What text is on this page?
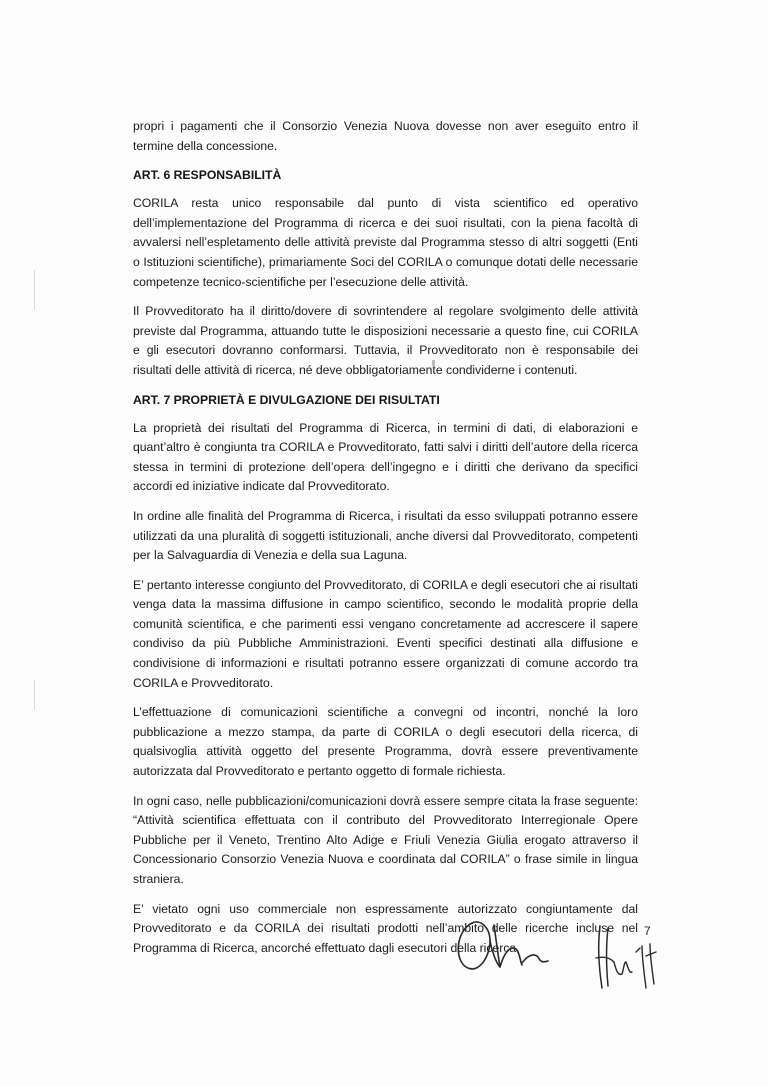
propri i pagamenti che il Consorzio Venezia Nuova dovesse non aver eseguito entro il termine della concessione.

ART. 6 RESPONSABILITÀ

CORILA resta unico responsabile dal punto di vista scientifico ed operativo dell’implementazione del Programma di ricerca e dei suoi risultati, con la piena facoltà di avvalersi nell’espletamento delle attività previste dal Programma stesso di altri soggetti (Enti o Istituzioni scientifiche), primariamente Soci del CORILA o comunque dotati delle necessarie competenze tecnico-scientifiche per l’esecuzione delle attività.

Il Provveditorato ha il diritto/dovere di sovrintendere al regolare svolgimento delle attività previste dal Programma, attuando tutte le disposizioni necessarie a questo fine, cui CORILA e gli esecutori dovranno conformarsi. Tuttavia, il Provveditorato non è responsabile dei risultati delle attività di ricerca, né deve obbligatoriamente condividerne i contenuti.

ART. 7 PROPRIETÀ E DIVULGAZIONE DEI RISULTATI

La proprietà dei risultati del Programma di Ricerca, in termini di dati, di elaborazioni e quant’altro è congiunta tra CORILA e Provveditorato, fatti salvi i diritti dell’autore della ricerca stessa in termini di protezione dell’opera dell’ingegno e i diritti che derivano da specifici accordi ed iniziative indicate dal Provveditorato.

In ordine alle finalità del Programma di Ricerca, i risultati da esso sviluppati potranno essere utilizzati da una pluralità di soggetti istituzionali, anche diversi dal Provveditorato, competenti per la Salvaguardia di Venezia e della sua Laguna.

E’ pertanto interesse congiunto del Provveditorato, di CORILA e degli esecutori che ai risultati venga data la massima diffusione in campo scientifico, secondo le modalità proprie della comunità scientifica, e che parimenti essi vengano concretamente ad accrescere il sapere condiviso da più Pubbliche Amministrazioni. Eventi specifici destinati alla diffusione e condivisione di informazioni e risultati potranno essere organizzati di comune accordo tra CORILA e Provveditorato.

L’effettuazione di comunicazioni scientifiche a convegni od incontri, nonché la loro pubblicazione a mezzo stampa, da parte di CORILA o degli esecutori della ricerca, di qualsivoglia attività oggetto del presente Programma, dovrà essere preventivamente autorizzata dal Provveditorato e pertanto oggetto di formale richiesta.

In ogni caso, nelle pubblicazioni/comunicazioni dovrà essere sempre citata la frase seguente: “Attività scientifica effettuata con il contributo del Provveditorato Interregionale Opere Pubbliche per il Veneto, Trentino Alto Adige e Friuli Venezia Giulia erogato attraverso il Concessionario Consorzio Venezia Nuova e coordinata dal CORILA” o frase simile in lingua straniera.

E’ vietato ogni uso commerciale non espressamente autorizzato congiuntamente dal Provveditorato e da CORILA dei risultati prodotti nell’ambito delle ricerche incluse nel Programma di Ricerca, ancorché effettuato dagli esecutori della ricerca.

7
